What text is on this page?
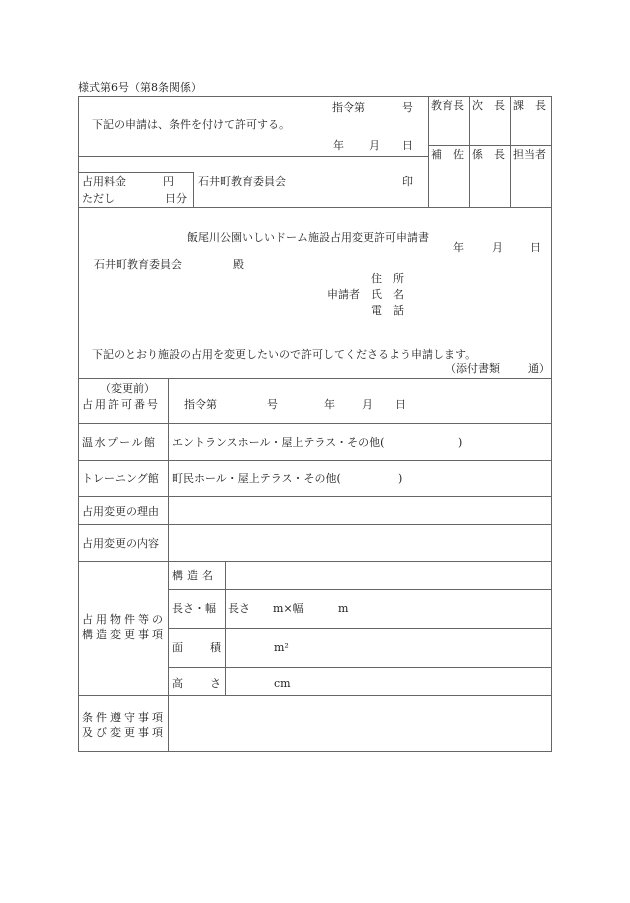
様式第6号（第8条関係）
下記の申請は、条件を付けて許可する。
指令第	号
年 月 日
占用料金	円
ただし	日分
石井町教育委員会	印
教育長 次　長 課　長
補　佐 係　長 担当者
飯尾川公園いしいドーム施設占用変更許可申請書
年	月 日
石井町教育委員会	殿
住　所
申請者 氏　名
電　話
下記のとおり施設の占用を変更したいので許可してくださるよう申請します。
（添付書類	通）
（変更前）
占用許可番号 指令第	号	年 月 日
温水プール館 エントランスホール・屋上テラス・その他(	)
トレーニング館 町民ホール・屋上テラス・その他(	)
占用変更の理由
占用変更の内容
占用物件等の
構造変更事項
構造名
長さ・幅 長さ m×幅	m
面　積	m²
高　さ	cm
条件遵守事項
及び変更事項
